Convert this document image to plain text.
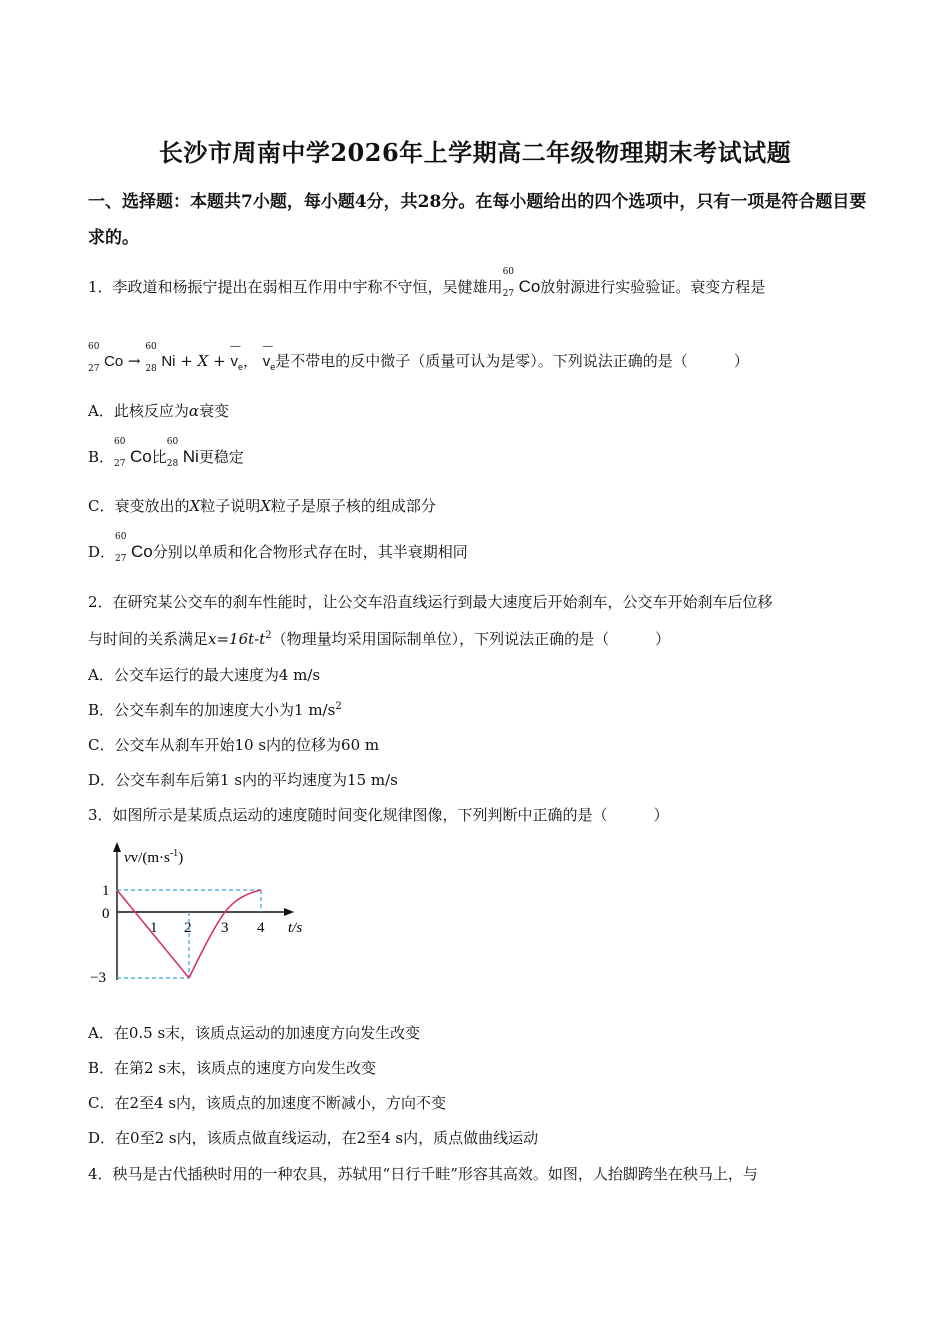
长沙市周南中学2026年上学期高二年级物理期末考试试题
一、选择题：本题共7小题，每小题4分，共28分。在每小题给出的四个选项中，只有一项是符合题目要求的。
1．李政道和杨振宁提出在弱相互作用中宇称不守恒，吴健雄用
60
27 Co放射源进行实验验证。衰变方程是
60
27 Co →
60
28 Ni + X +
—
$v_e$，
—
$v_e$是不带电的反中微子（质量可认为是零）。下列说法正确的是（	）
A．此核反应为α衰变
B．
60
27 Co比
60
28 Ni更稳定
C．衰变放出的X粒子说明X粒子是原子核的组成部分
D．
60
27 Co分别以单质和化合物形式存在时，其半衰期相同
2．在研究某公交车的刹车性能时，让公交车沿直线运行到最大速度后开始刹车，公交车开始刹车后位移
与时间的关系满足$x=16t-t^2$（物理量均采用国际制单位），下列说法正确的是（	）
A．公交车运行的最大速度为4 m/s
B．公交车刹车的加速度大小为1 $m/s^2$
C．公交车从刹车开始10 s内的位移为60 m
D．公交车刹车后第1 s内的平均速度为15 m/s
3．如图所示是某质点运动的速度随时间变化规律图像，下列判断中正确的是（	）
$vv/(m\cdot s^{-1})$
t/s
1
0
−3
1 2 3 4
A．在0.5 s末，该质点运动的加速度方向发生改变
B．在第2 s末，该质点的速度方向发生改变
C．在2至4 s内，该质点的加速度不断减小，方向不变
D．在0至2 s内，该质点做直线运动，在2至4 s内，质点做曲线运动
4．秧马是古代插秧时用的一种农具，苏轼用“日行千畦”形容其高效。如图，人抬脚跨坐在秧马上，与
